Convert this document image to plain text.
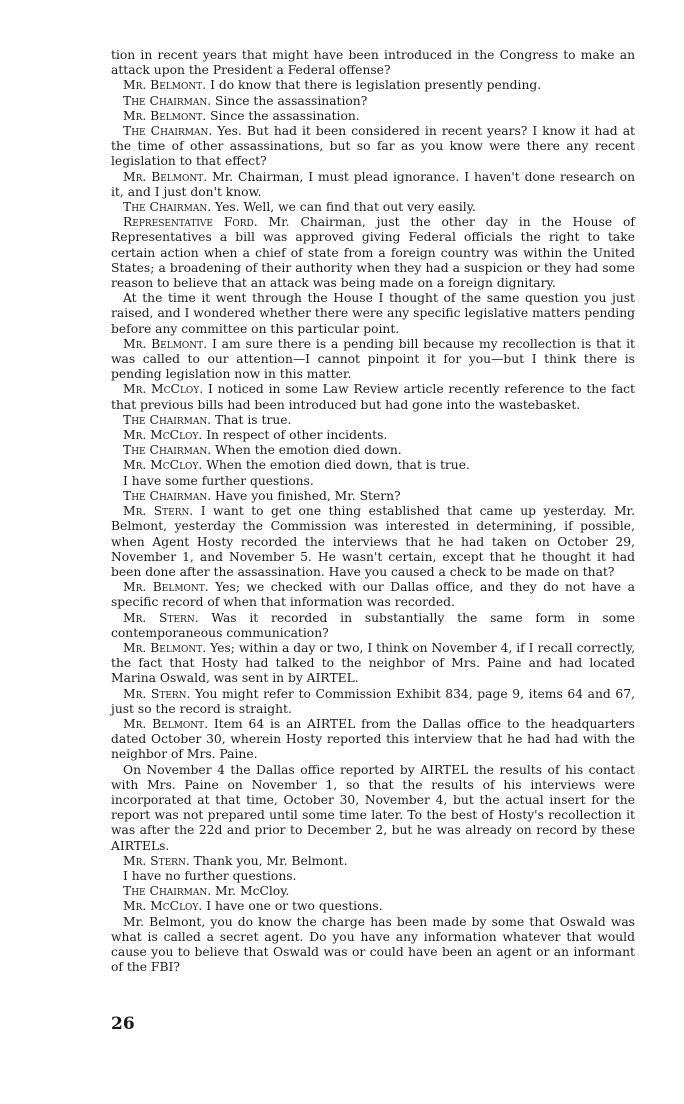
tion in recent years that might have been introduced in the Congress to make an attack upon the President a Federal offense?

Mr. Belmont. I do know that there is legislation presently pending.

The Chairman. Since the assassination?

Mr. Belmont. Since the assassination.

The Chairman. Yes. But had it been considered in recent years? I know it had at the time of other assassinations, but so far as you know were there any recent legislation to that effect?

Mr. Belmont. Mr. Chairman, I must plead ignorance. I haven't done research on it, and I just don't know.

The Chairman. Yes. Well, we can find that out very easily.

Representative Ford. Mr. Chairman, just the other day in the House of Representatives a bill was approved giving Federal officials the right to take certain action when a chief of state from a foreign country was within the United States; a broadening of their authority when they had a suspicion or they had some reason to believe that an attack was being made on a foreign dignitary.

At the time it went through the House I thought of the same question you just raised, and I wondered whether there were any specific legislative matters pending before any committee on this particular point.

Mr. Belmont. I am sure there is a pending bill because my recollection is that it was called to our attention—I cannot pinpoint it for you—but I think there is pending legislation now in this matter.

Mr. McCloy. I noticed in some Law Review article recently reference to the fact that previous bills had been introduced but had gone into the wastebasket.

The Chairman. That is true.

Mr. McCloy. In respect of other incidents.

The Chairman. When the emotion died down.

Mr. McCloy. When the emotion died down, that is true.

I have some further questions.

The Chairman. Have you finished, Mr. Stern?

Mr. Stern. I want to get one thing established that came up yesterday. Mr. Belmont, yesterday the Commission was interested in determining, if possible, when Agent Hosty recorded the interviews that he had taken on October 29, November 1, and November 5. He wasn't certain, except that he thought it had been done after the assassination. Have you caused a check to be made on that?

Mr. Belmont. Yes; we checked with our Dallas office, and they do not have a specific record of when that information was recorded.

Mr. Stern. Was it recorded in substantially the same form in some contemporaneous communication?

Mr. Belmont. Yes; within a day or two, I think on November 4, if I recall correctly, the fact that Hosty had talked to the neighbor of Mrs. Paine and had located Marina Oswald, was sent in by AIRTEL.

Mr. Stern. You might refer to Commission Exhibit 834, page 9, items 64 and 67, just so the record is straight.

Mr. Belmont. Item 64 is an AIRTEL from the Dallas office to the headquarters dated October 30, wherein Hosty reported this interview that he had had with the neighbor of Mrs. Paine.

On November 4 the Dallas office reported by AIRTEL the results of his contact with Mrs. Paine on November 1, so that the results of his interviews were incorporated at that time, October 30, November 4, but the actual insert for the report was not prepared until some time later. To the best of Hosty's recollection it was after the 22d and prior to December 2, but he was already on record by these AIRTELs.

Mr. Stern. Thank you, Mr. Belmont.

I have no further questions.

The Chairman. Mr. McCloy.

Mr. McCloy. I have one or two questions.

Mr. Belmont, you do know the charge has been made by some that Oswald was what is called a secret agent. Do you have any information whatever that would cause you to believe that Oswald was or could have been an agent or an informant of the FBI?

26
